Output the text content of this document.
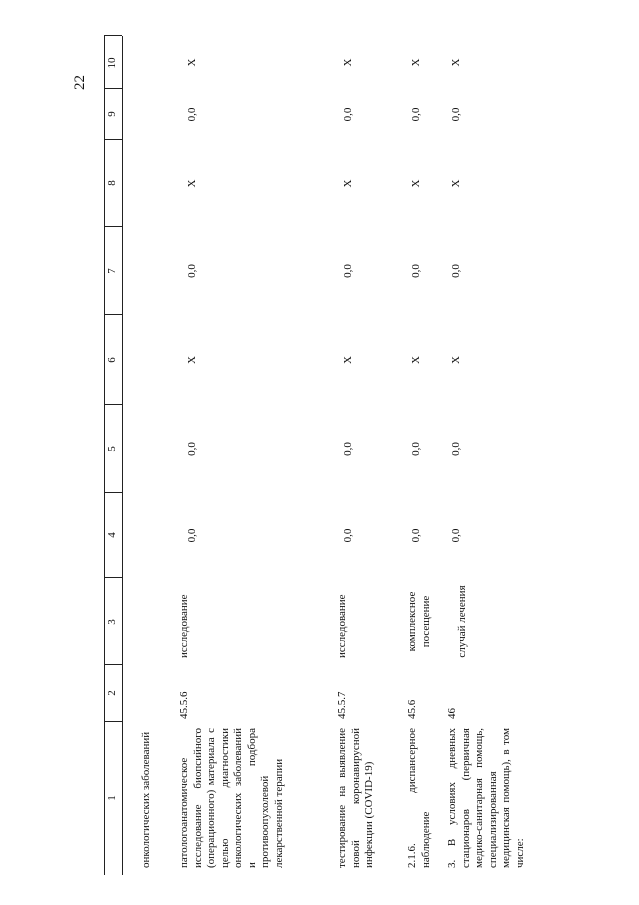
22
1
2
3
4
5
6
7
8
9
10
онкологических заболеваний патологоанатомическое исследование биопсийного (операционного) материала с целью диагностики онкологических заболеваний и подбора противоопухолевой лекарственной терапии
45.5.6
исследование
0,0
0,0
X
0,0
X
0,0
X
тестирование на выявление новой коронавирусной инфекции (COVID-19)
45.5.7
исследование
0,0
0,0
X
0,0
X
0,0
X
2.1.6. диспансерное наблюдение
45.6
комплексное посещение
0,0
0,0
X
0,0
X
0,0
X
3. В условиях дневных стационаров (первичная медико-санитарная помощь, специализированная медицинская помощь), в том числе:
46
случай лечения
0,0
0,0
X
0,0
X
0,0
X
